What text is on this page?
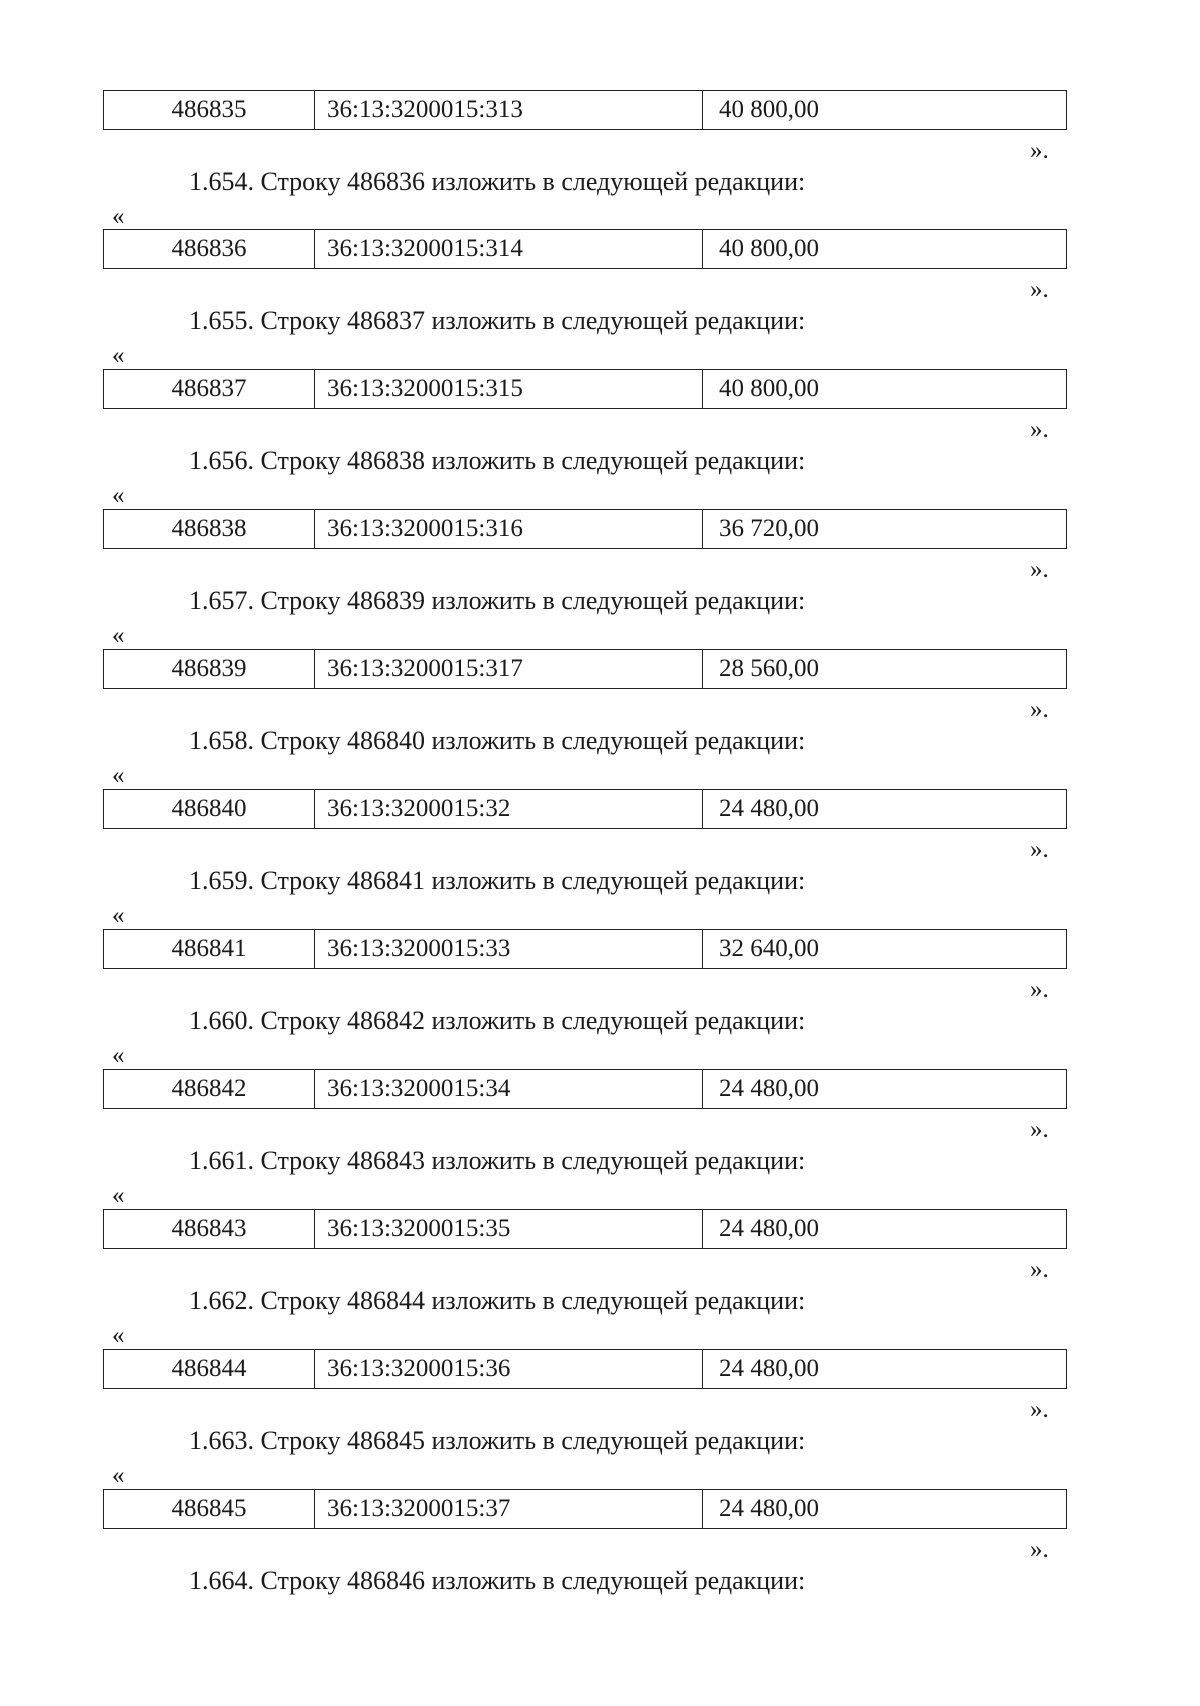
486835	36:13:3200015:313	40 800,00
».
1.654. Строку 486836 изложить в следующей редакции:
«
486836	36:13:3200015:314	40 800,00
».
1.655. Строку 486837 изложить в следующей редакции:
«
486837	36:13:3200015:315	40 800,00
».
1.656. Строку 486838 изложить в следующей редакции:
«
486838	36:13:3200015:316	36 720,00
».
1.657. Строку 486839 изложить в следующей редакции:
«
486839	36:13:3200015:317	28 560,00
».
1.658. Строку 486840 изложить в следующей редакции:
«
486840	36:13:3200015:32	24 480,00
».
1.659. Строку 486841 изложить в следующей редакции:
«
486841	36:13:3200015:33	32 640,00
».
1.660. Строку 486842 изложить в следующей редакции:
«
486842	36:13:3200015:34	24 480,00
».
1.661. Строку 486843 изложить в следующей редакции:
«
486843	36:13:3200015:35	24 480,00
».
1.662. Строку 486844 изложить в следующей редакции:
«
486844	36:13:3200015:36	24 480,00
».
1.663. Строку 486845 изложить в следующей редакции:
«
486845	36:13:3200015:37	24 480,00
».
1.664. Строку 486846 изложить в следующей редакции:
